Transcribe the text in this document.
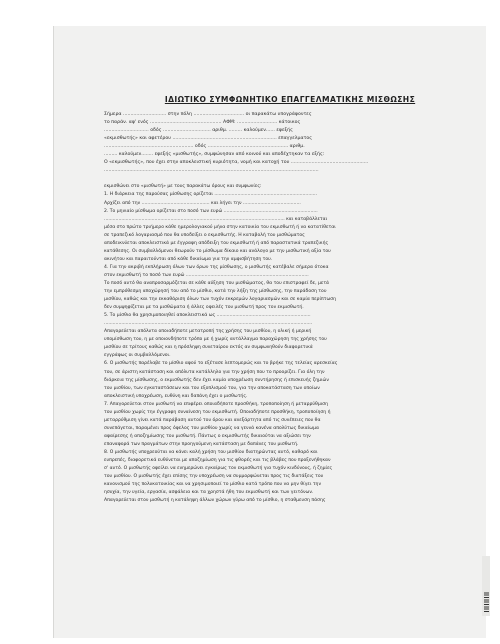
ΙΔΙΩΤΙΚΟ ΣΥΜΦΩΝΗΤΙΚΟ ΕΠΑΓΓΕΛΜΑΤΙΚΗΣ ΜΙΣΘΩΣΗΣ
Σήμερα ............................. στην πόλη .................................. οι παρακάτω υπογράφοντες
το παράν. αφ' ενός ................................................ ΑΦΜ: ........................... κάτοικος
.............................. οδός ................................ αριθμ. ......... καλούμεν...... εφεξής
«εκμισθωτής» και αφετέρου ...................................................................... επαγγελματος
............................................................ οδός ...................................................... αριθμ.
......... καλούμεν........ εφεξής «μισθωτής», συμφώνησαν από κοινού και αποδέχτηκαν τα εξής:
Ο «εκμισθωτής», που έχει στην αποκλειστική κυριότητα, νομή και κατοχή του ....................................................
................................................................................................................................................
εκμισθώνει στο «μισθωτή» με τους παρακάτω όρους και συμφωνίες:
1. Η διάρκεια της παρούσας μίσθωσης ορίζεται .......................................................................
Αρχίζει από την ............................................... και λήγει την ........................................
2. Το μηνιαίο μίσθωμα ορίζεται στο ποσό των ευρώ .................................................................
............................................................................................................................. και καταβάλλεται
μέσα στο πρώτο τριήμερο κάθε ημερολογιακού μήνα στην κατοικία του εκμισθωτή ή να κατατίθεται
σε τραπεζικό λογαριασμό που θα υποδείξει ο εκμισθωτής. Η καταβολή του μισθώματος
αποδεικνύεται αποκλειστικά με έγγραφη απόδειξη του εκμισθωτή ή από παραστατικά τραπεζικής
κατάθεσης. Οι συμβαλλόμενοι θεωρούν το μίσθωμα δίκαιο και ανάλογο με την μισθωτική αξία του
ακινήτου και παραιτούνται από κάθε δικαίωμα για την αμφισβήτηση του.
4. Για την ακριβή εκπλήρωση όλων των όρων της μίσθωσης, ο μισθωτής κατέβαλε σήμερα ότοκα
στον εκμισθωτή το ποσό των ευρώ .....................................................................................
Το ποσό αυτό θα αναπροσαρμόζεται σε κάθε αύξηση του μισθώματος, θα του επιστραφεί δε, μετά
την εμπρόθεσμη αποχώρησή του από το μίσθιο, κατά την λήξη της μίσθωσης, την παράδοση του
μισθίου, καθώς και την εκκαθάριση όλων των τυχόν εκκρεμών λογαριασμών και σε καμία περίπτωση
δεν συμψηφίζεται με τα μισθώματα ή άλλες οφειλές του μισθωτή προς τον εκμισθωτή.
5. Το μίσθιο θα χρησιμοποιηθεί αποκλειστικά ως .................................................................
................................................................................................................................................
Απαγορεύεται απόλυτα οποιαδήποτε μετατροπή της χρήσης του μισθίου, η ολική ή μερική
υπομίσθωση του, η με οποιονδήποτε τρόπο με ή χωρίς αντάλλαγμα παραχώρηση της χρήσης του
μισθίου σε τρίτους καθώς και η πρόσληψη συνεταίρου εκτός αν συμφωνηθούν διαφορετικά
εγγράφως οι συμβαλλόμενοι.
6. Ο μισθωτής παρέλαβε το μίσθιο αφού το εξέτασε λεπτομερώς και το βρήκε της τελείας αρεσκείας
του, σε άριστη κατάσταση και απόλυτα κατάλληλο για την χρήση που το προορίζει. Για όλη την
διάρκεια της μίσθωσης, ο εκμισθωτής δεν έχει καμία υποχρέωση συντήρησης ή επισκευής ζημιών
του μισθίου, των εγκαταστάσεων και του εξοπλισμού του, για την αποκατάσταση των οποίων
αποκλειστική υποχρέωση, ευθύνη και δαπάνη έχει ο μισθωτής.
7. Απαγορεύεται στον μισθωτή να επιφέρει οποιαδήποτε προσθήκη, τροποποίηση ή μεταρρύθμιση
του μισθίου χωρίς την έγγραφη συναίνεση του εκμισθωτή. Οποιαδήποτε προσθήκη, τροποποίηση ή
μεταρρύθμιση γίνει κατά παράβαση αυτού του όρου και ανεξάρτητα από τις συνέπειες που θα
συνεπάγεται, παραμένει προς όφελος του μισθίου χωρίς να γεννά κανένα απολύτως δικαίωμα
αφαίρεσης ή αποζημίωσης του μισθωτή. Πάντως ο εκμισθωτής δικαιούται να αξιώσει την
επαναφορά των πραγμάτων στην προηγούμενη κατάσταση με δαπάνες του μισθωτή.
8. Ο μισθωτής υποχρεούται να κάνει καλή χρήση του μισθίου διατηρώντας αυτό, καθαρό και
ευπρεπές, διαφορετικά ευθύνεται με αποζημίωση για τις φθορές και τις βλάβες που προξενήθηκαν
σ' αυτό. Ο μισθωτής οφείλει να ενημερώνει εγκαίρως τον εκμισθωτή για τυχόν κινδύνους, ή ζημίες
του μισθίου. Ο μισθωτής έχει επίσης την υποχρέωση να συμμορφώνεται προς τις διατάξεις του
κανονισμού της πολυκατοικίας και να χρησιμοποιεί το μίσθιο κατά τρόπο που να μην θίγει την
ησυχία, την υγεία, εργασία, ασφάλεια και τα χρηστά ήθη του εκμισθωτή και των γειτόνων.
Απαγορεύεται στον μισθωτή η κατάληψη άλλων χώρων γύρω από το μίσθιο, η σταθμευση πάσης
